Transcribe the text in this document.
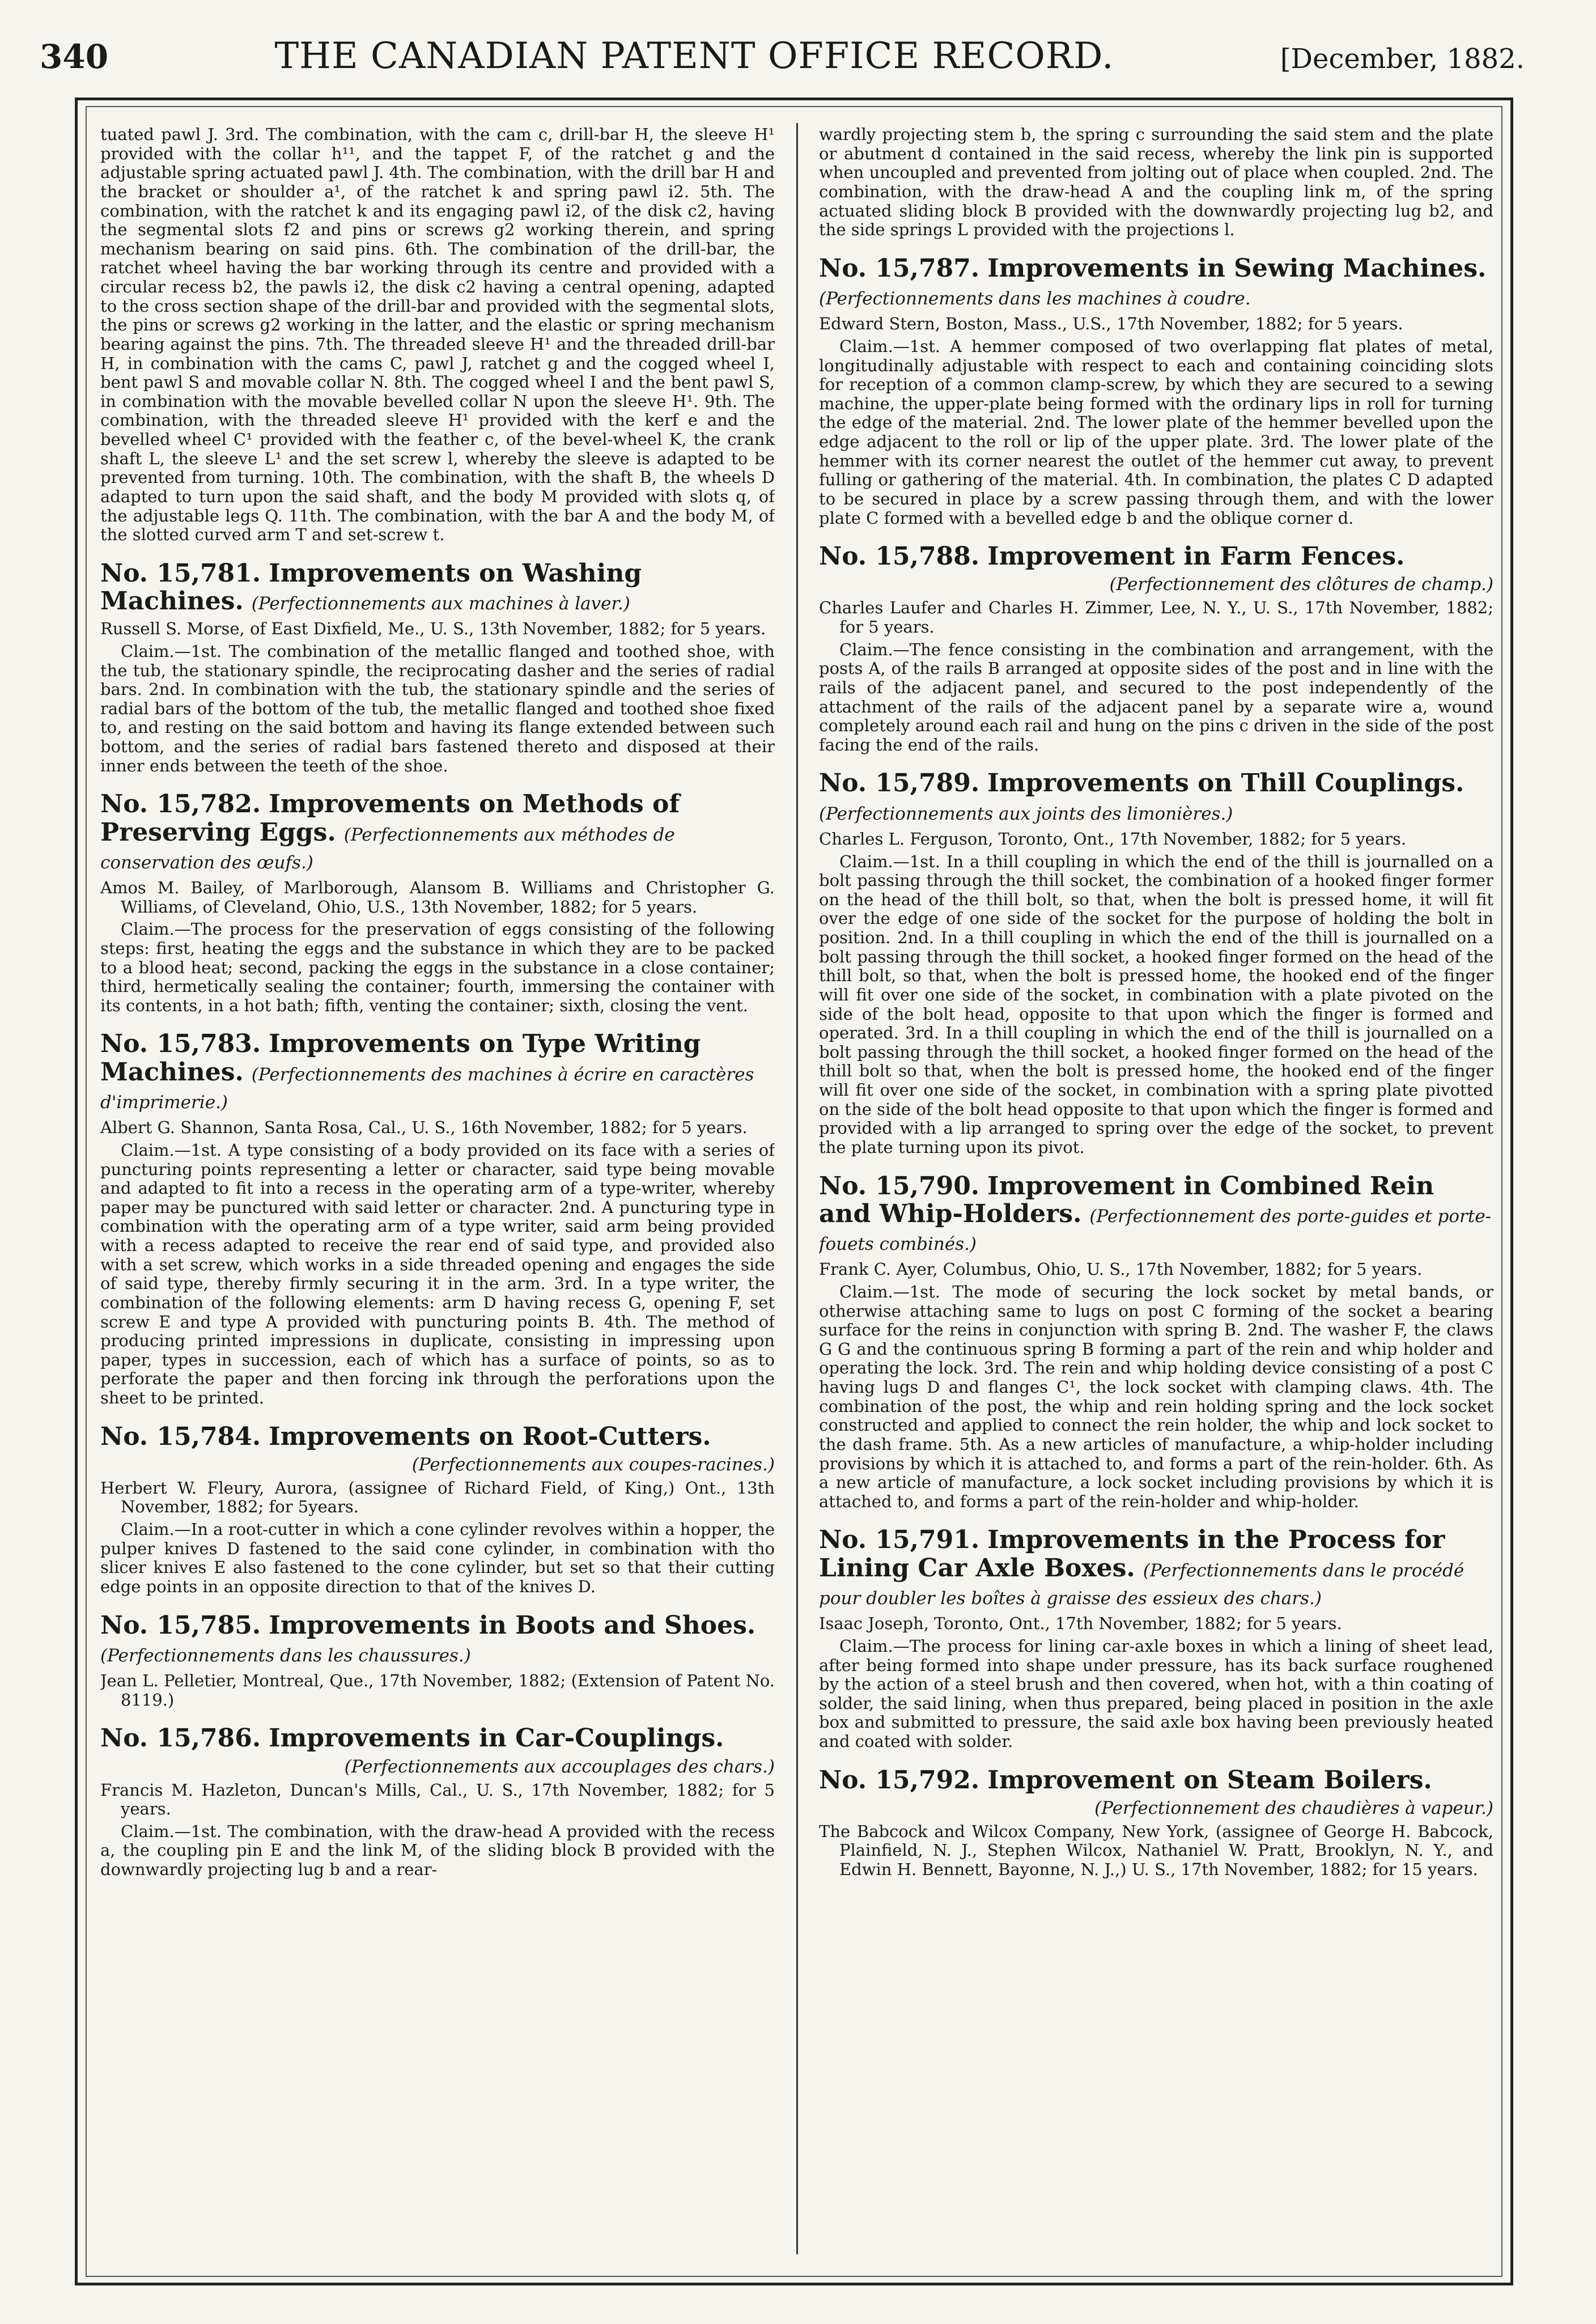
340	THE CANADIAN PATENT OFFICE RECORD.	[December, 1882.

tuated pawl J. 3rd. The combination, with the cam c, drill-bar H, the sleeve H¹ provided with the collar h¹¹, and the tappet F, of the ratchet g and the adjustable spring actuated pawl J. 4th. The combination, with the drill bar H and the bracket or shoulder a¹, of the ratchet k and spring pawl i2. 5th. The combination, with the ratchet k and its engaging pawl i2, of the disk c2, having the segmental slots f2 and pins or screws g2 working therein, and spring mechanism bearing on said pins. 6th. The combination of the drill-bar, the ratchet wheel having the bar working through its centre and provided with a circular recess b2, the pawls i2, the disk c2 having a central opening, adapted to the cross section shape of the drill-bar and provided with the segmental slots, the pins or screws g2 working in the latter, and the elastic or spring mechanism bearing against the pins. 7th. The threaded sleeve H¹ and the threaded drill-bar H, in combination with the cams C, pawl J, ratchet g and the cogged wheel I, bent pawl S and movable collar N. 8th. The cogged wheel I and the bent pawl S, in combination with the movable bevelled collar N upon the sleeve H¹. 9th. The combination, with the threaded sleeve H¹ provided with the kerf e and the bevelled wheel C¹ provided with the feather c, of the bevel-wheel K, the crank shaft L, the sleeve L¹ and the set screw l, whereby the sleeve is adapted to be prevented from turning. 10th. The combination, with the shaft B, the wheels D adapted to turn upon the said shaft, and the body M provided with slots q, of the adjustable legs Q. 11th. The combination, with the bar A and the body M, of the slotted curved arm T and set-screw t.

No. 15,781. Improvements on Washing Machines. (Perfectionnements aux machines à laver.)

Russell S. Morse, of East Dixfield, Me., U. S., 13th November, 1882; for 5 years.

Claim.—1st. The combination of the metallic flanged and toothed shoe, with the tub, the stationary spindle, the reciprocating dasher and the series of radial bars. 2nd. In combination with the tub, the stationary spindle and the series of radial bars of the bottom of the tub, the metallic flanged and toothed shoe fixed to, and resting on the said bottom and having its flange extended between such bottom, and the series of radial bars fastened thereto and disposed at their inner ends between the teeth of the shoe.

No. 15,782. Improvements on Methods of Preserving Eggs. (Perfectionnements aux méthodes de conservation des œufs.)

Amos M. Bailey, of Marlborough, Alansom B. Williams and Christopher G. Williams, of Cleveland, Ohio, U.S., 13th November, 1882; for 5 years.

Claim.—The process for the preservation of eggs consisting of the following steps: first, heating the eggs and the substance in which they are to be packed to a blood heat; second, packing the eggs in the substance in a close container; third, hermetically sealing the container; fourth, immersing the container with its contents, in a hot bath; fifth, venting the container; sixth, closing the vent.

No. 15,783. Improvements on Type Writing Machines. (Perfectionnements des machines à écrire en caractères d'imprimerie.)

Albert G. Shannon, Santa Rosa, Cal., U. S., 16th November, 1882; for 5 years.

Claim.—1st. A type consisting of a body provided on its face with a series of puncturing points representing a letter or character, said type being movable and adapted to fit into a recess in the operating arm of a type-writer, whereby paper may be punctured with said letter or character. 2nd. A puncturing type in combination with the operating arm of a type writer, said arm being provided with a recess adapted to receive the rear end of said type, and provided also with a set screw, which works in a side threaded opening and engages the side of said type, thereby firmly securing it in the arm. 3rd. In a type writer, the combination of the following elements: arm D having recess G, opening F, set screw E and type A provided with puncturing points B. 4th. The method of producing printed impressions in duplicate, consisting in impressing upon paper, types in succession, each of which has a surface of points, so as to perforate the paper and then forcing ink through the perforations upon the sheet to be printed.

No. 15,784. Improvements on Root-Cutters.

(Perfectionnements aux coupes-racines.)

Herbert W. Fleury, Aurora, (assignee of Richard Field, of King,) Ont., 13th November, 1882; for 5years.

Claim.—In a root-cutter in which a cone cylinder revolves within a hopper, the pulper knives D fastened to the said cone cylinder, in combination with tho slicer knives E also fastened to the cone cylinder, but set so that their cutting edge points in an opposite direction to that of the knives D.

No. 15,785. Improvements in Boots and Shoes. (Perfectionnements dans les chaussures.)

Jean L. Pelletier, Montreal, Que., 17th November, 1882; (Extension of Patent No. 8119.)

No. 15,786. Improvements in Car-Couplings.

(Perfectionnements aux accouplages des chars.)

Francis M. Hazleton, Duncan's Mills, Cal., U. S., 17th November, 1882; for 5 years.

Claim.—1st. The combination, with the draw-head A provided with the recess a, the coupling pin E and the link M, of the sliding block B provided with the downwardly projecting lug b and a rear-

wardly projecting stem b, the spring c surrounding the said stem and the plate or abutment d contained in the said recess, whereby the link pin is supported when uncoupled and prevented from jolting out of place when coupled. 2nd. The combination, with the draw-head A and the coupling link m, of the spring actuated sliding block B provided with the downwardly projecting lug b2, and the side springs L provided with the projections l.

No. 15,787. Improvements in Sewing Machines. (Perfectionnements dans les machines à coudre.

Edward Stern, Boston, Mass., U.S., 17th November, 1882; for 5 years.

Claim.—1st. A hemmer composed of two overlapping flat plates of metal, longitudinally adjustable with respect to each and containing coinciding slots for reception of a common clamp-screw, by which they are secured to a sewing machine, the upper-plate being formed with the ordinary lips in roll for turning the edge of the material. 2nd. The lower plate of the hemmer bevelled upon the edge adjacent to the roll or lip of the upper plate. 3rd. The lower plate of the hemmer with its corner nearest the outlet of the hemmer cut away, to prevent fulling or gathering of the material. 4th. In combination, the plates C D adapted to be secured in place by a screw passing through them, and with the lower plate C formed with a bevelled edge b and the oblique corner d.

No. 15,788. Improvement in Farm Fences.

(Perfectionnement des clôtures de champ.)

Charles Laufer and Charles H. Zimmer, Lee, N. Y., U. S., 17th November, 1882; for 5 years.

Claim.—The fence consisting in the combination and arrangement, with the posts A, of the rails B arranged at opposite sides of the post and in line with the rails of the adjacent panel, and secured to the post independently of the attachment of the rails of the adjacent panel by a separate wire a, wound completely around each rail and hung on the pins c driven in the side of the post facing the end of the rails.

No. 15,789. Improvements on Thill Couplings. (Perfectionnements aux joints des limonières.)

Charles L. Ferguson, Toronto, Ont., 17th November, 1882; for 5 years.

Claim.—1st. In a thill coupling in which the end of the thill is journalled on a bolt passing through the thill socket, the combination of a hooked finger former on the head of the thill bolt, so that, when the bolt is pressed home, it will fit over the edge of one side of the socket for the purpose of holding the bolt in position. 2nd. In a thill coupling in which the end of the thill is journalled on a bolt passing through the thill socket, a hooked finger formed on the head of the thill bolt, so that, when the bolt is pressed home, the hooked end of the finger will fit over one side of the socket, in combination with a plate pivoted on the side of the bolt head, opposite to that upon which the finger is formed and operated. 3rd. In a thill coupling in which the end of the thill is journalled on a bolt passing through the thill socket, a hooked finger formed on the head of the thill bolt so that, when the bolt is pressed home, the hooked end of the finger will fit over one side of the socket, in combination with a spring plate pivotted on the side of the bolt head opposite to that upon which the finger is formed and provided with a lip arranged to spring over the edge of the socket, to prevent the plate turning upon its pivot.

No. 15,790. Improvement in Combined Rein and Whip-Holders. (Perfectionnement des porte-guides et porte-fouets combinés.)

Frank C. Ayer, Columbus, Ohio, U. S., 17th November, 1882; for 5 years.

Claim.—1st. The mode of securing the lock socket by metal bands, or otherwise attaching same to lugs on post C forming of the socket a bearing surface for the reins in conjunction with spring B. 2nd. The washer F, the claws G G and the continuous spring B forming a part of the rein and whip holder and operating the lock. 3rd. The rein and whip holding device consisting of a post C having lugs D and flanges C¹, the lock socket with clamping claws. 4th. The combination of the post, the whip and rein holding spring and the lock socket constructed and applied to connect the rein holder, the whip and lock socket to the dash frame. 5th. As a new articles of manufacture, a whip-holder including provisions by which it is attached to, and forms a part of the rein-holder. 6th. As a new article of manufacture, a lock socket including provisions by which it is attached to, and forms a part of the rein-holder and whip-holder.

No. 15,791. Improvements in the Process for Lining Car Axle Boxes. (Perfectionnements dans le procédé pour doubler les boîtes à graisse des essieux des chars.)

Isaac Joseph, Toronto, Ont., 17th November, 1882; for 5 years.

Claim.—The process for lining car-axle boxes in which a lining of sheet lead, after being formed into shape under pressure, has its back surface roughened by the action of a steel brush and then covered, when hot, with a thin coating of solder, the said lining, when thus prepared, being placed in position in the axle box and submitted to pressure, the said axle box having been previously heated and coated with solder.

No. 15,792. Improvement on Steam Boilers.

(Perfectionnement des chaudières à vapeur.)

The Babcock and Wilcox Company, New York, (assignee of George H. Babcock, Plainfield, N. J., Stephen Wilcox, Nathaniel W. Pratt, Brooklyn, N. Y., and Edwin H. Bennett, Bayonne, N. J.,) U. S., 17th November, 1882; for 15 years.
